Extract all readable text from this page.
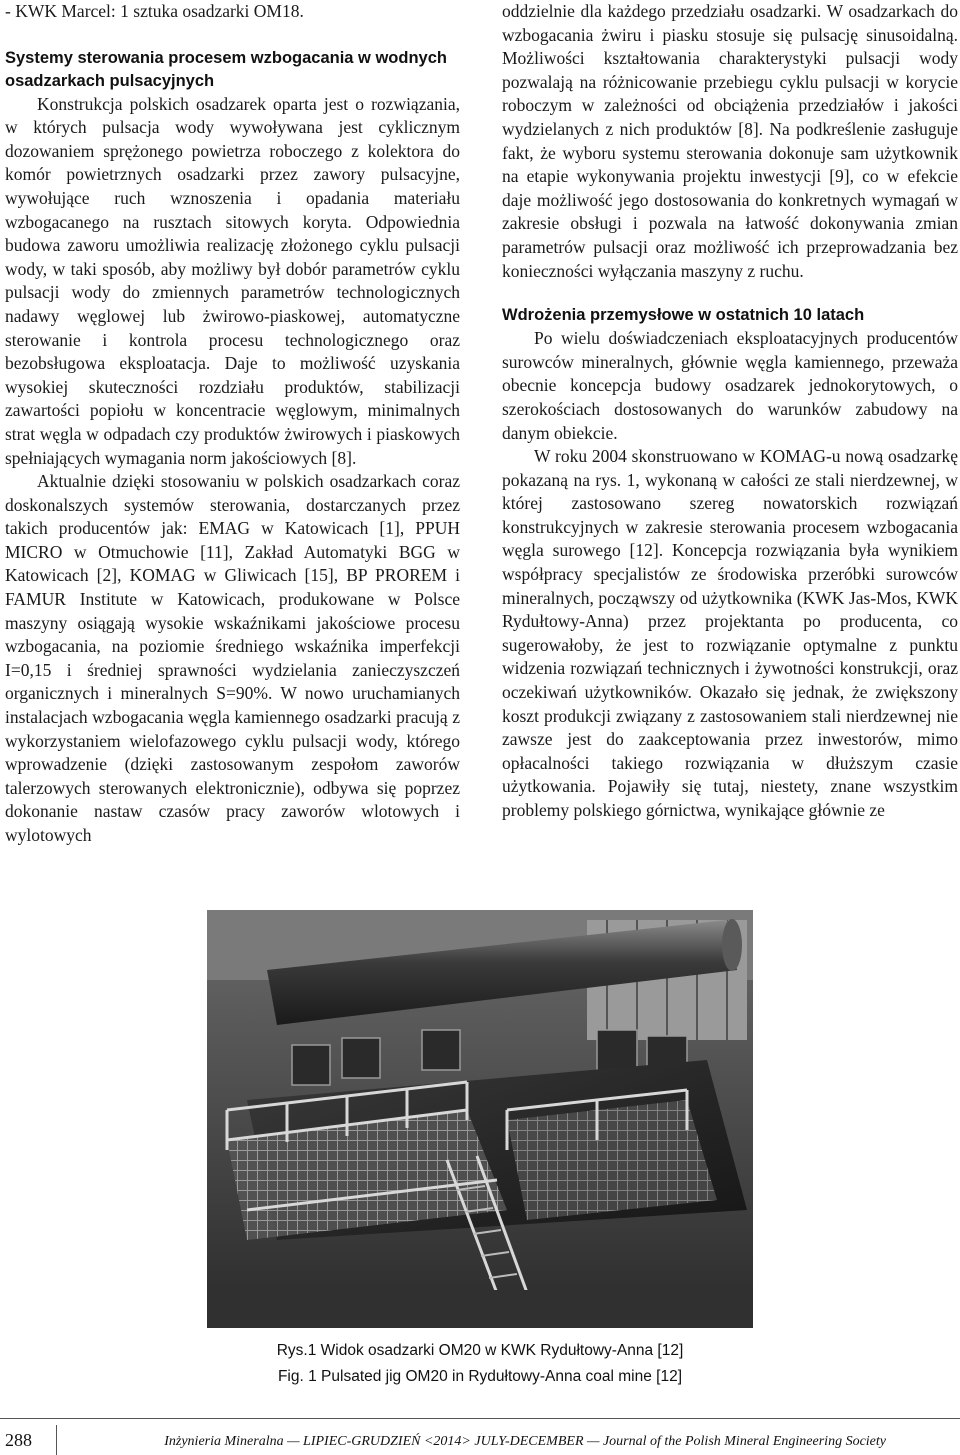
- KWK Marcel: 1 sztuka osadzarki OM18.
Systemy sterowania procesem wzbogacania w wodnych osadzarkach pulsacyjnych

Konstrukcja polskich osadzarek oparta jest o rozwiązania, w których pulsacja wody wywoływana jest cyklicznym dozowaniem sprężonego powietrza roboczego z kolektora do komór powietrznych osadzarki przez zawory pulsacyjne, wywołujące ruch wznoszenia i opadania materiału wzbogacanego na rusztach sitowych koryta. Odpowiednia budowa zaworu umożliwia realizację złożonego cyklu pulsacji wody, w taki sposób, aby możliwy był dobór parametrów cyklu pulsacji wody do zmiennych parametrów technologicznych nadawy węglowej lub żwirowo-piaskowej, automatyczne sterowanie i kontrola procesu technologicznego oraz bezobsługowa eksploatacja. Daje to możliwość uzyskania wysokiej skuteczności rozdziału produktów, stabilizacji zawartości popiołu w koncentracie węglowym, minimalnych strat węgla w odpadach czy produktów żwirowych i piaskowych spełniających wymagania norm jakościowych [8].

Aktualnie dzięki stosowaniu w polskich osadzarkach coraz doskonalszych systemów sterowania, dostarczanych przez takich producentów jak: EMAG w Katowicach [1], PPUH MICRO w Otmuchowie [11], Zakład Automatyki BGG w Katowicach [2], KOMAG w Gliwicach [15], BP PROREM i FAMUR Institute w Katowicach, produkowane w Polsce maszyny osiągają wysokie wskaźnikami jakościowe procesu wzbogacania, na poziomie średniego wskaźnika imperfekcji I=0,15 i średniej sprawności wydzielania zanieczyszczeń organicznych i mineralnych S=90%. W nowo uruchamianych instalacjach wzbogacania węgla kamiennego osadzarki pracują z wykorzystaniem wielofazowego cyklu pulsacji wody, którego wprowadzenie (dzięki zastosowanym zespołom zaworów talerzowych sterowanych elektronicznie), odbywa się poprzez dokonanie nastaw czasów pracy zaworów wlotowych i wylotowych

oddzielnie dla każdego przedziału osadzarki. W osadzarkach do wzbogacania żwiru i piasku stosuje się pulsację sinusoidalną. Możliwości kształtowania charakterystyki pulsacji wody pozwalają na różnicowanie przebiegu cyklu pulsacji w korycie roboczym w zależności od obciążenia przedziałów i jakości wydzielanych z nich produktów [8]. Na podkreślenie zasługuje fakt, że wyboru systemu sterowania dokonuje sam użytkownik na etapie wykonywania projektu inwestycji [9], co w efekcie daje możliwość jego dostosowania do konkretnych wymagań w zakresie obsługi i pozwala na łatwość dokonywania zmian parametrów pulsacji oraz możliwość ich przeprowadzania bez konieczności wyłączania maszyny z ruchu.

Wdrożenia przemysłowe w ostatnich 10 latach

Po wielu doświadczeniach eksploatacyjnych producentów surowców mineralnych, głównie węgla kamiennego, przeważa obecnie koncepcja budowy osadzarek jednokorytowych, o szerokościach dostosowanych do warunków zabudowy na danym obiekcie.

W roku 2004 skonstruowano w KOMAG-u nową osadzarkę pokazaną na rys. 1, wykonaną w całości ze stali nierdzewnej, w której zastosowano szereg nowatorskich rozwiązań konstrukcyjnych w zakresie sterowania procesem wzbogacania węgla surowego [12]. Koncepcja rozwiązania była wynikiem współpracy specjalistów ze środowiska przeróbki surowców mineralnych, począwszy od użytkownika (KWK Jas-Mos, KWK Rydułtowy-Anna) przez projektanta po producenta, co sugerowałoby, że jest to rozwiązanie optymalne z punktu widzenia rozwiązań technicznych i żywotności konstrukcji, oraz oczekiwań użytkowników. Okazało się jednak, że zwiększony koszt produkcji związany z zastosowaniem stali nierdzewnej nie zawsze jest do zaakceptowania przez inwestorów, mimo opłacalności takiego rozwiązania w dłuższym czasie użytkowania. Pojawiły się tutaj, niestety, znane wszystkim problemy polskiego górnictwa, wynikające głównie ze

Rys.1 Widok osadzarki OM20 w KWK Rydułtowy-Anna [12]
Fig. 1 Pulsated jig OM20 in Rydułtowy-Anna coal mine [12]
288	Inżynieria Mineralna — LIPIEC-GRUDZIEŃ <2014> JULY-DECEMBER — Journal of the Polish Mineral Engineering Society
